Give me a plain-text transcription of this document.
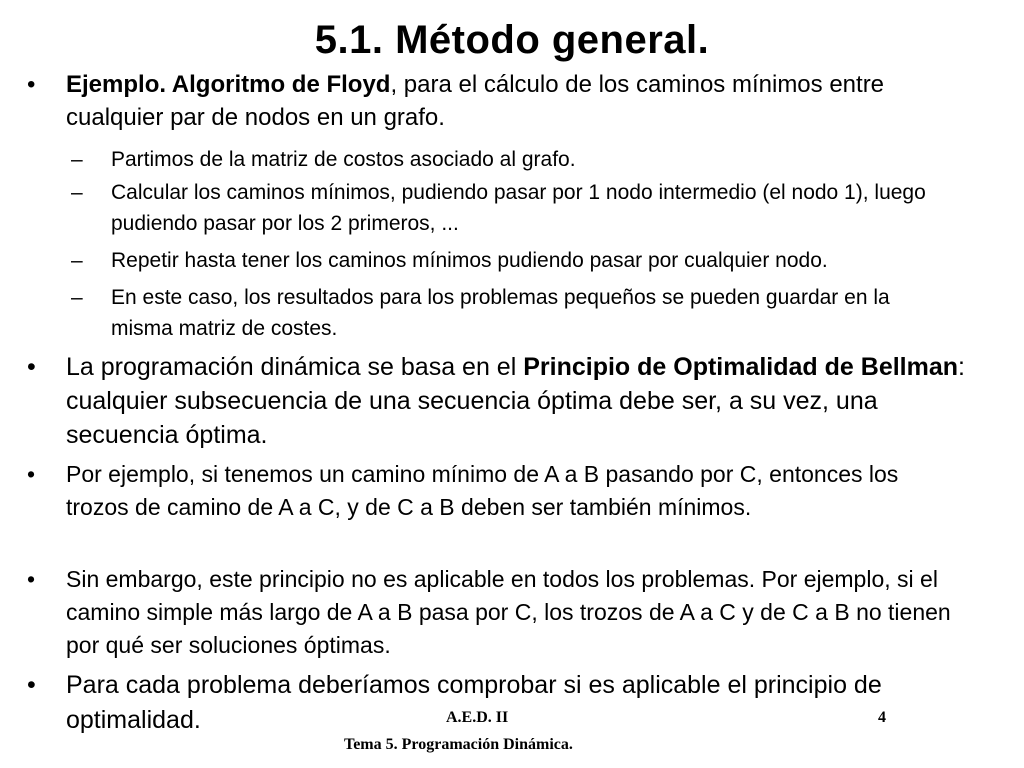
5.1. Método general.
• Ejemplo. Algoritmo de Floyd, para el cálculo de los caminos mínimos entre cualquier par de nodos en un grafo.
– Partimos de la matriz de costos asociado al grafo.
– Calcular los caminos mínimos, pudiendo pasar por 1 nodo intermedio (el nodo 1), luego pudiendo pasar por los 2 primeros, ...
– Repetir hasta tener los caminos mínimos pudiendo pasar por cualquier nodo.
– En este caso, los resultados para los problemas pequeños se pueden guardar en la misma matriz de costes.
• La programación dinámica se basa en el Principio de Optimalidad de Bellman: cualquier subsecuencia de una secuencia óptima debe ser, a su vez, una secuencia óptima.
• Por ejemplo, si tenemos un camino mínimo de A a B pasando por C, entonces los trozos de camino de A a C, y de C a B deben ser también mínimos.
• Sin embargo, este principio no es aplicable en todos los problemas. Por ejemplo, si el camino simple más largo de A a B pasa por C, los trozos de A a C y de C a B no tienen por qué ser soluciones óptimas.
• Para cada problema deberíamos comprobar si es aplicable el principio de optimalidad.	A.E.D. II	4
Tema 5. Programación Dinámica.
